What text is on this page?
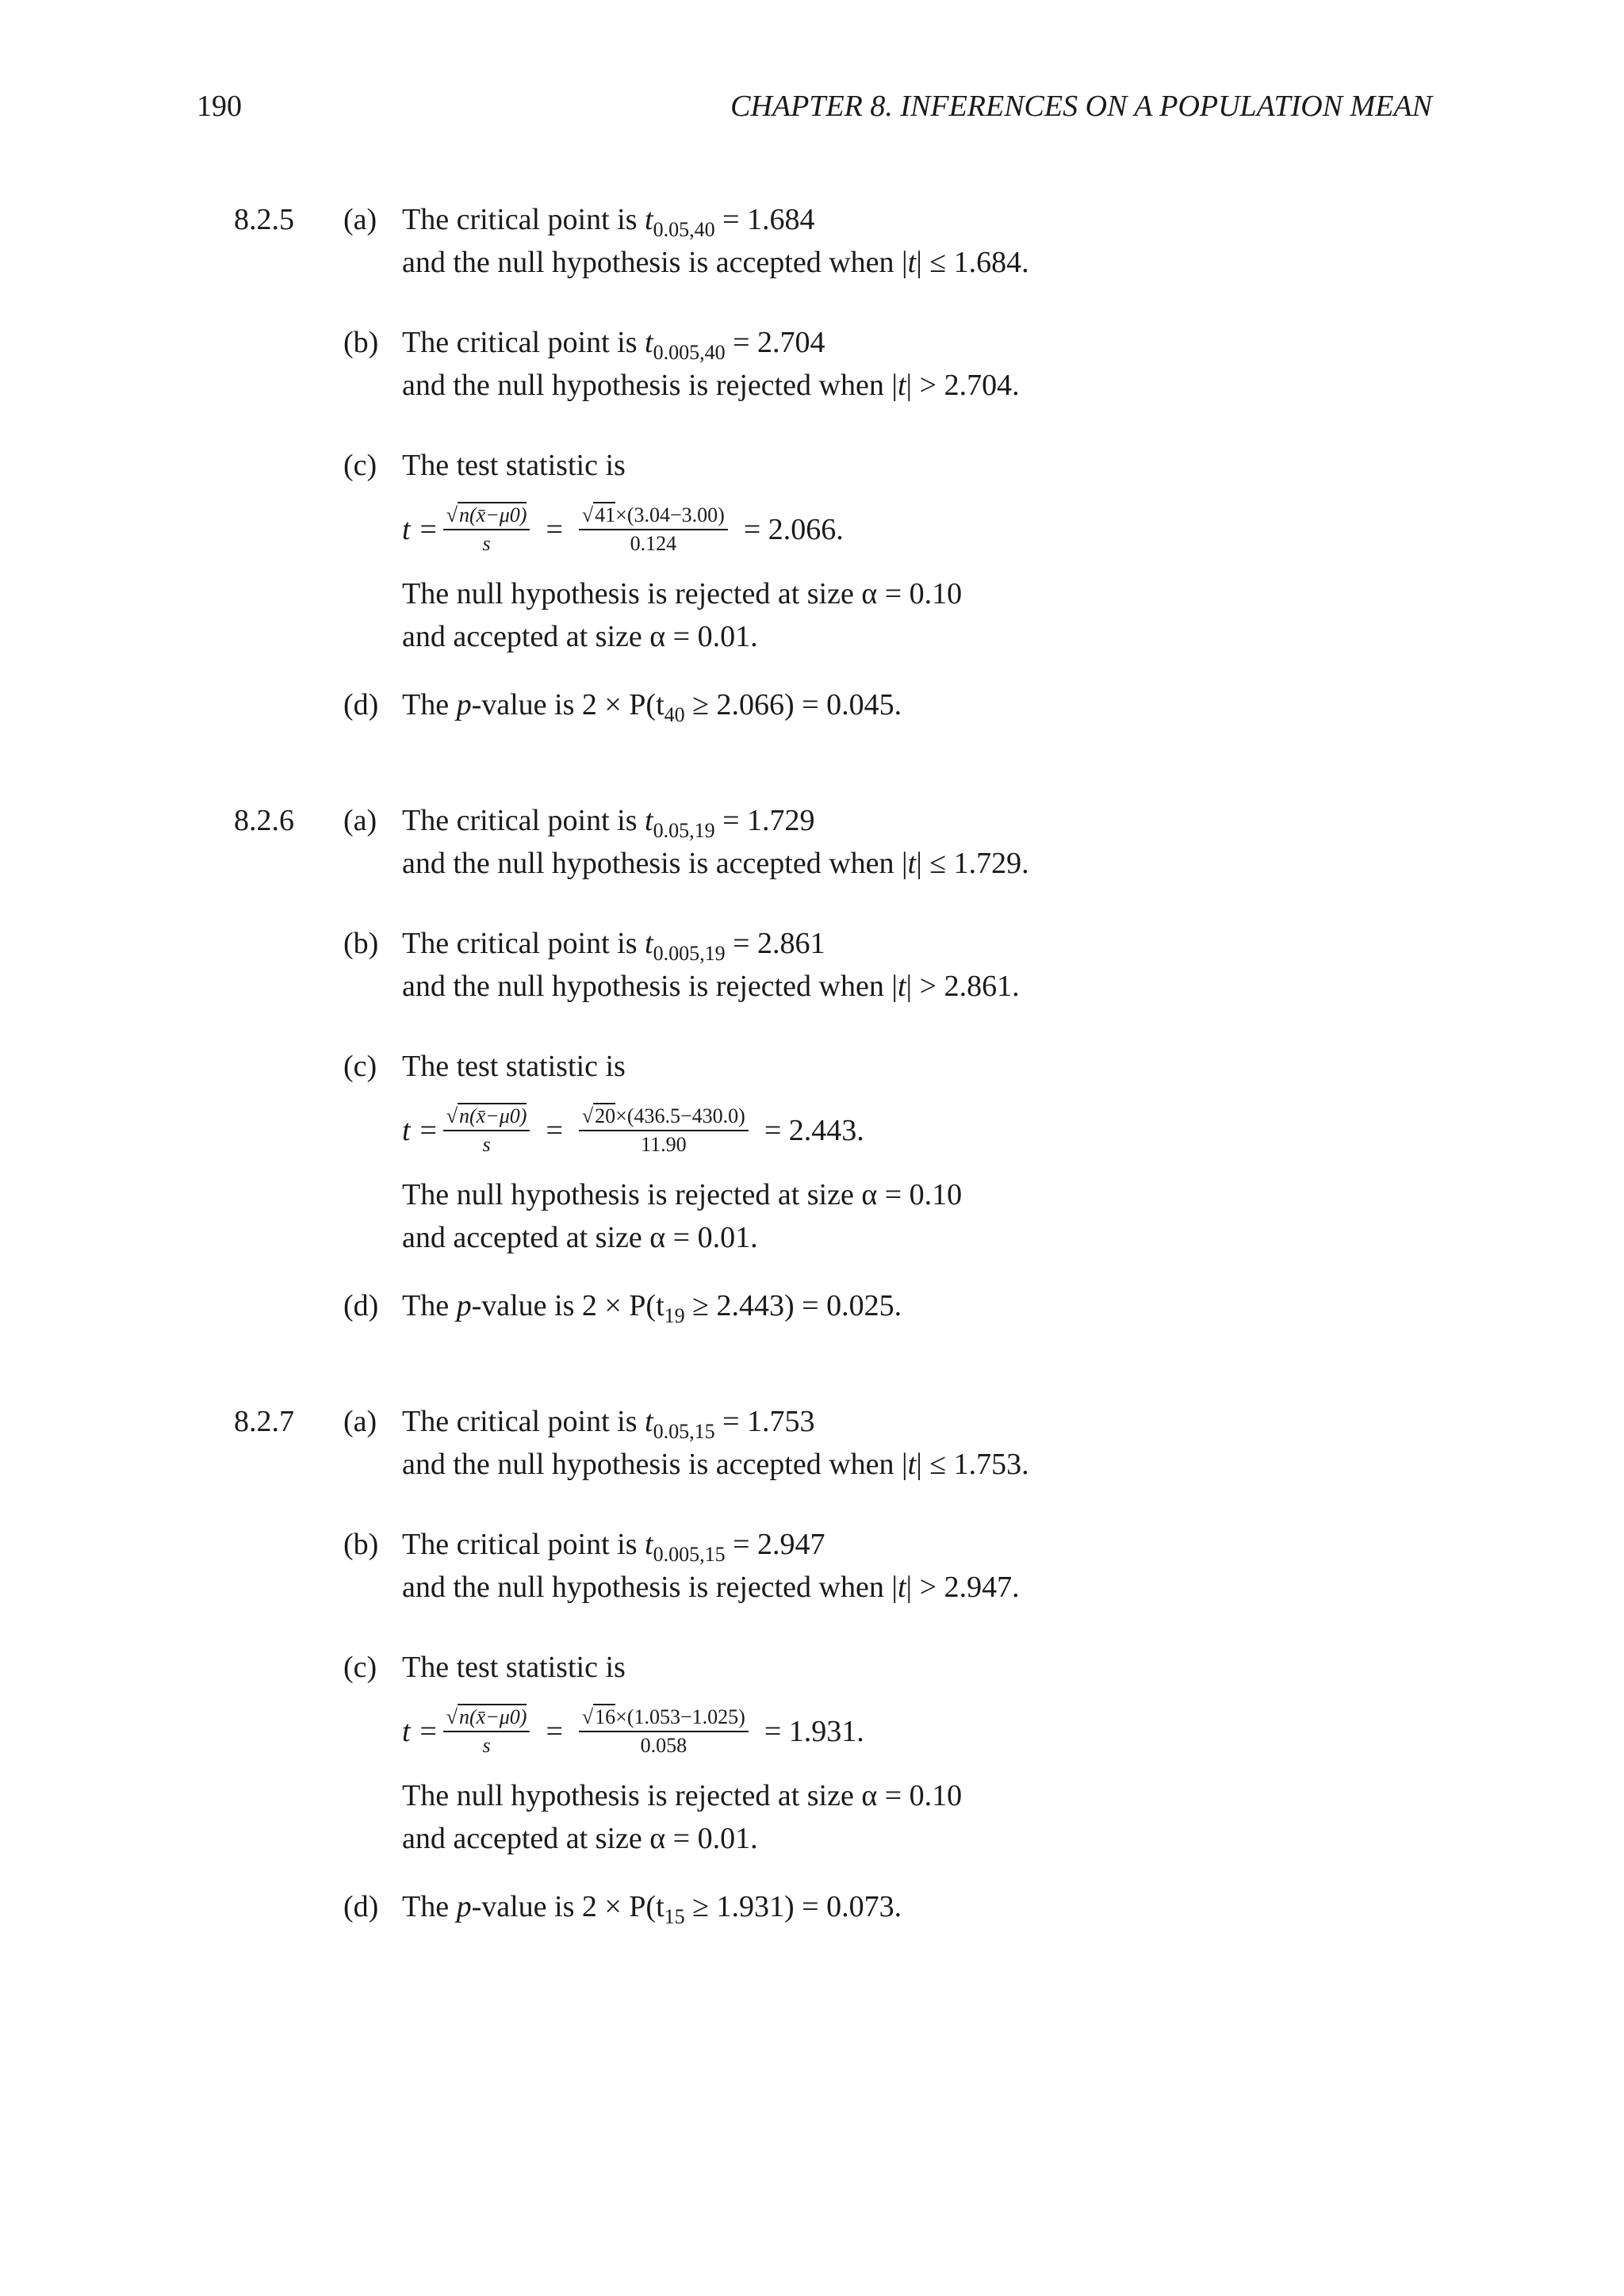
190	CHAPTER 8. INFERENCES ON A POPULATION MEAN
8.2.5 (a) The critical point is $t_{0.05,40} = 1.684$
and the null hypothesis is accepted when |t| ≤ 1.684.
(b) The critical point is $t_{0.005,40} = 2.704$
and the null hypothesis is rejected when |t| > 2.704.
(c) The test statistic is
$t = \frac{√n(x̄-\mu 0)}{s} = \frac{√41\times(3.04-3.00)}{0.124} = 2.066$.
The null hypothesis is rejected at size α = 0.10
and accepted at size α = 0.01.
(d) The p-value is $2 \times P(t_{40} \ge 2.066) = 0.045$.
8.2.6 (a) The critical point is $t_{0.05,19} = 1.729$
and the null hypothesis is accepted when |t| ≤ 1.729.
(b) The critical point is $t_{0.005,19} = 2.861$
and the null hypothesis is rejected when |t| > 2.861.
(c) The test statistic is
$t = \frac{√n(x̄-\mu 0)}{s} = \frac{√20\times(436.5-430.0)}{11.90} = 2.443$.
The null hypothesis is rejected at size α = 0.10
and accepted at size α = 0.01.
(d) The p-value is $2 \times P(t_{19} \ge 2.443) = 0.025$.
8.2.7 (a) The critical point is $t_{0.05,15} = 1.753$
and the null hypothesis is accepted when |t| ≤ 1.753.
(b) The critical point is $t_{0.005,15} = 2.947$
and the null hypothesis is rejected when |t| > 2.947.
(c) The test statistic is
$t = \frac{√n(x̄-\mu 0)}{s} = \frac{√16\times(1.053-1.025)}{0.058} = 1.931$.
The null hypothesis is rejected at size α = 0.10
and accepted at size α = 0.01.
(d) The p-value is $2 \times P(t_{15} \ge 1.931) = 0.073$.
